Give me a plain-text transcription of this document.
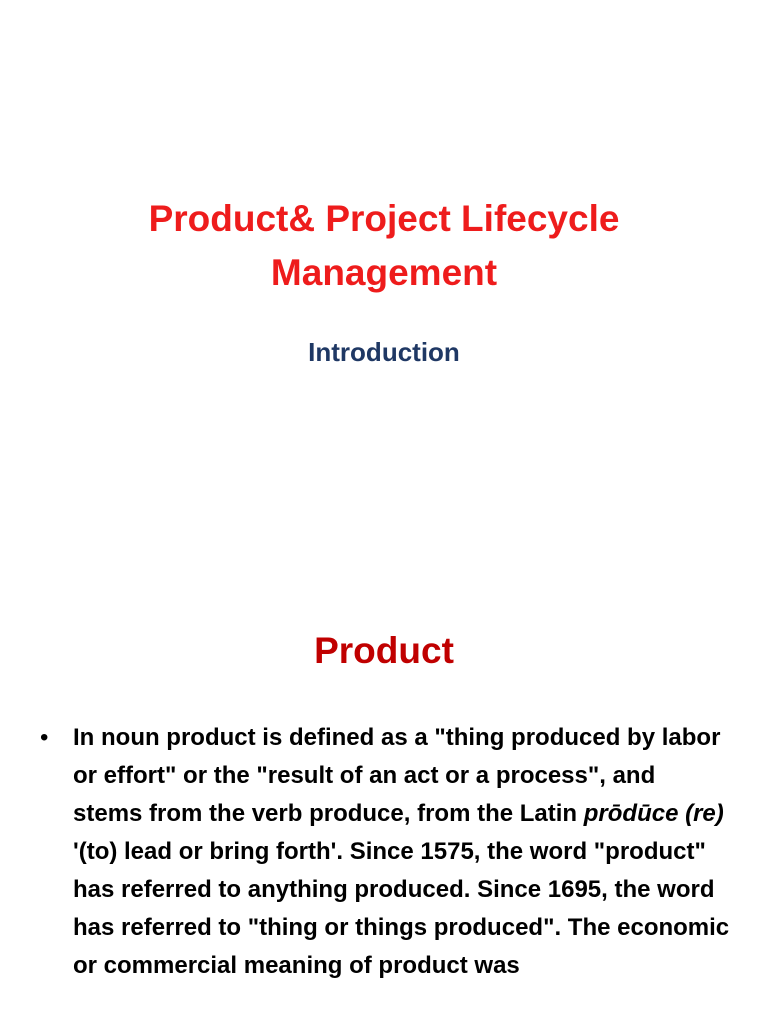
Product& Project Lifecycle Management
Introduction
Product
•	In noun product is defined as a "thing produced by labor or effort" or the "result of an act or a process", and stems from the verb produce, from the Latin prōdūce (re) '(to) lead or bring forth'. Since 1575, the word "product" has referred to anything produced. Since 1695, the word has referred to "thing or things produced". The economic or commercial meaning of product was
